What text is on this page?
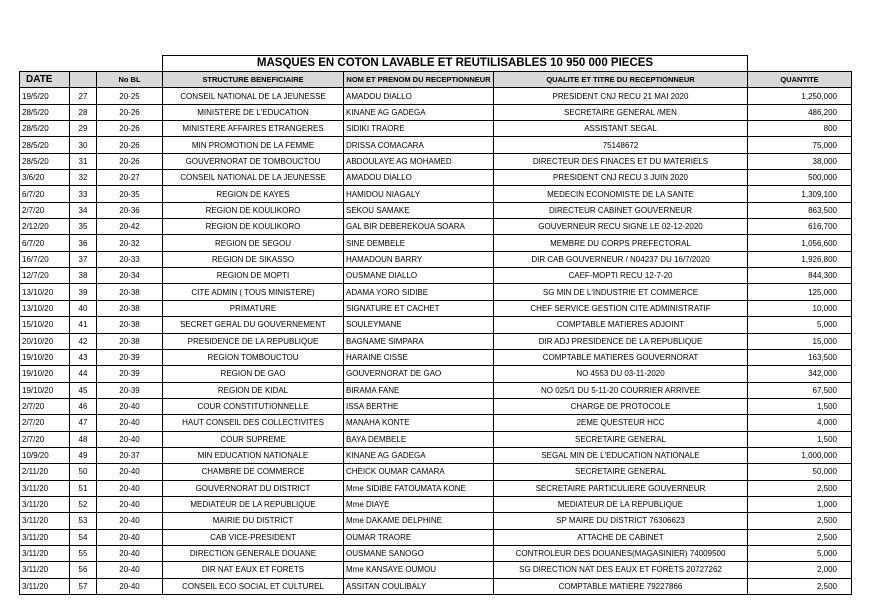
			MASQUES EN COTON LAVABLE ET REUTILISABLES 10 950 000 PIECES			
DATE		No BL	STRUCTURE BENEFICIAIRE	NOM ET PRENOM DU RECEPTIONNEUR	QUALITE ET TITRE DU RECEPTIONNEUR	QUANTITE
19/5/20	27	20-25	CONSEIL NATIONAL DE LA JEUNESSE	AMADOU DIALLO	PRESIDENT CNJ RECU 21 MAI 2020	1,250,000
28/5/20	28	20-26	MINISTERE DE L'EDUCATION	KINANE AG GADEGA	SECRETAIRE GENERAL /MEN	486,200
28/5/20	29	20-26	MINISTERE AFFAIRES ETRANGERES	SIDIKI TRAORE	ASSISTANT SEGAL	800
28/5/20	30	20-26	MIN PROMOTION DE LA FEMME	DRISSA COMACARA	75148672	75,000
28/5/20	31	20-26	GOUVERNORAT DE TOMBOUCTOU	ABDOULAYE AG MOHAMED	DIRECTEUR DES FINACES ET DU MATERIELS	38,000
3/6/20	32	20-27	CONSEIL NATIONAL DE LA JEUNESSE	AMADOU DIALLO	PRESIDENT CNJ RECU 3 JUIN 2020	500,000
6/7/20	33	20-35	REGION DE KAYES	HAMIDOU NIAGALY	MEDECIN ECONOMISTE DE LA SANTE	1,309,100
2/7/20	34	20-36	REGION DE KOULIKORO	SEKOU SAMAKE	DIRECTEUR CABINET GOUVERNEUR	863,500
2/12/20	35	20-42	REGION DE KOULIKORO	GAL BIR DEBEREKOUA SOARA	GOUVERNEUR RECU SIGNE LE 02-12-2020	616,700
6/7/20	36	20-32	REGION DE SEGOU	SINE DEMBELE	MEMBRE DU CORPS PREFECTORAL	1,056,600
16/7/20	37	20-33	REGION DE SIKASSO	HAMADOUN BARRY	DIR CAB GOUVERNEUR / N04237 DU 16/7/2020	1,926,800
12/7/20	38	20-34	REGION DE MOPTI	OUSMANE DIALLO	CAEF-MOPTI RECU 12-7-20	844,300
13/10/20	39	20-38	CITE ADMIN ( TOUS MINISTERE)	ADAMA YORO SIDIBE	SG MIN DE L'INDUSTRIE ET COMMERCE	125,000
13/10/20	40	20-38	PRIMATURE	SIGNATURE ET CACHET	CHEF SERVICE GESTION CITE ADMINISTRATIF	10,000
15/10/20	41	20-38	SECRET GERAL DU GOUVERNEMENT	SOULEYMANE	COMPTABLE MATIERES ADJOINT	5,000
20/10/20	42	20-38	PRESIDENCE DE LA REPUBLIQUE	BAGNAME SIMPARA	DIR ADJ PRESIDENCE DE LA REPUBLIQUE	15,000
19/10/20	43	20-39	REGION TOMBOUCTOU	HARAINE CISSE	COMPTABLE MATIERES GOUVERNORAT	163,500
19/10/20	44	20-39	REGION DE GAO	GOUVERNORAT DE GAO	NO 4553 DU 03-11-2020	342,000
19/10/20	45	20-39	REGION DE KIDAL	BIRAMA FANE	NO 025/1 DU 5-11-20 COURRIER ARRIVEE	67,500
2/7/20	46	20-40	COUR CONSTITUTIONNELLE	ISSA BERTHE	CHARGE DE PROTOCOLE	1,500
2/7/20	47	20-40	HAUT CONSEIL DES COLLECTIVITES	MANAHA KONTE	2EME QUESTEUR HCC	4,000
2/7/20	48	20-40	COUR SUPREME	BAYA DEMBELE	SECRETAIRE GENERAL	1,500
10/9/20	49	20-37	MIN EDUCATION NATIONALE	KINANE AG GADEGA	SEGAL MIN DE L'EDUCATION NATIONALE	1,000,000
2/11/20	50	20-40	CHAMBRE DE COMMERCE	CHEICK OUMAR CAMARA	SECRETAIRE GENERAL	50,000
3/11/20	51	20-40	GOUVERNORAT DU DISTRICT	Mme SIDIBE FATOUMATA KONE	SECRETAIRE PARTICULIERE GOUVERNEUR	2,500
3/11/20	52	20-40	MEDIATEUR DE LA REPUBLIQUE	Mme DIAYE	MEDIATEUR DE LA REPUBLIQUE	1,000
3/11/20	53	20-40	MAIRIE DU DISTRICT	Mme DAKAME DELPHINE	SP MAIRE DU DISTRICT 76306623	2,500
3/11/20	54	20-40	CAB VICE-PRESIDENT	OUMAR TRAORE	ATTACHE DE CABINET	2,500
3/11/20	55	20-40	DIRECTION GENERALE DOUANE	OUSMANE SANOGO	CONTROLEUR DES DOUANES(MAGASINIER) 74009500	5,000
3/11/20	56	20-40	DIR NAT EAUX ET FORETS	Mme KANSAYE OUMOU	SG DIRECTION NAT DES EAUX ET FORETS 20727262	2,000
3/11/20	57	20-40	CONSEIL ECO SOCIAL ET CULTUREL	ASSITAN COULIBALY	COMPTABLE MATIERE 79227866	2,500
